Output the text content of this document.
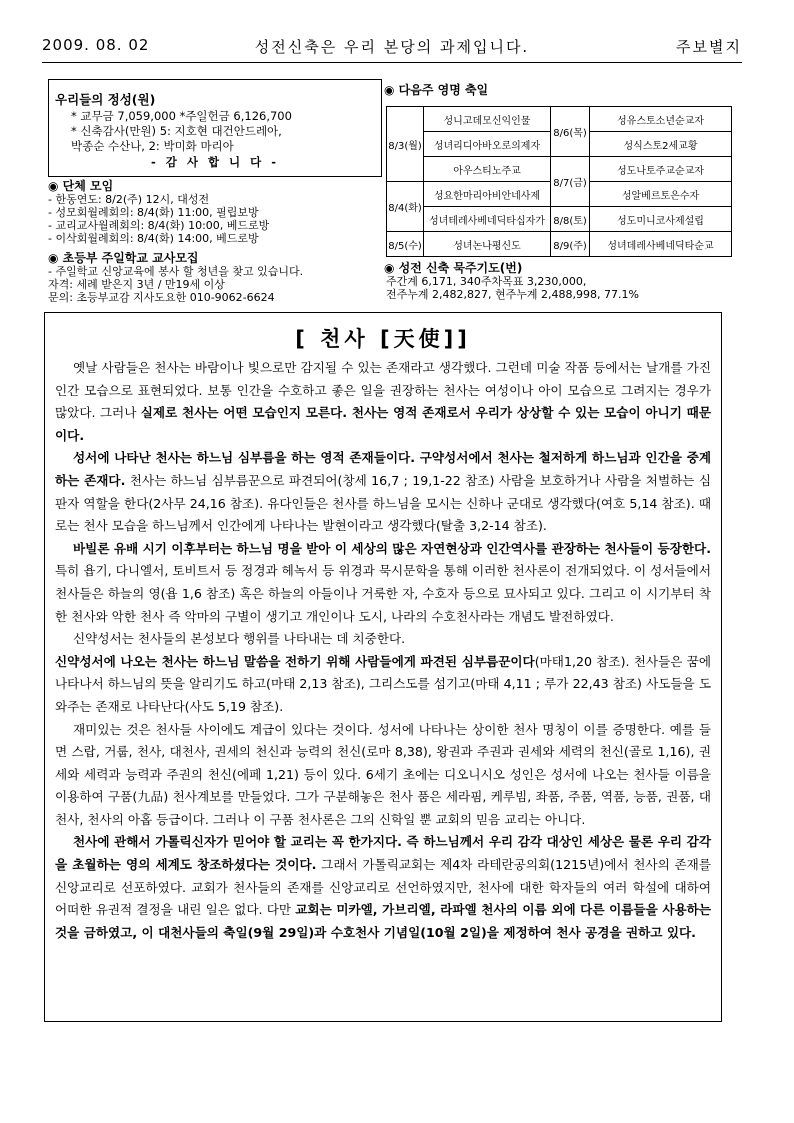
2009. 08. 02	성전신축은 우리 본당의 과제입니다.	주보별지
우리들의 정성(원)
* 교무금 7,059,000 *주일헌금 6,126,700
* 신축감사(만원) 5: 지호현 대건안드레아,
박종순 수산나, 2: 박미화 마리아
- 감 사 합 니 다 -
◉ 단체 모임
- 한동연도: 8/2(주) 12시, 대성전
- 성모회월례회의: 8/4(화) 11:00, 필립보방
- 교리교사월례회의: 8/4(화) 10:00, 베드로방
- 이삭회월례회의: 8/4(화) 14:00, 베드로방
◉ 초등부 주일학교 교사모집
- 주일학교 신앙교육에 봉사 할 청년을 찾고 있습니다.
자격: 세례 받은지 3년 / 만19세 이상
문의: 초등부교감 지사도요한 010-9062-6624
◉ 다음주 영명 축일
8/3(월)	성니고데모신익인물	8/6(목)	성유스토소년순교자
	성녀리디아바오로의제자		성식스토2세교황
	아우스티노주교	8/7(금)	성도나토주교순교자
8/4(화)	성요한마리아비안네사제		성알베르토은수자
	성녀테레사베네딕타십자가	8/8(토)	성도미니코사제설립
8/5(수)	성녀논나평신도	8/9(주)	성녀데레사베네딕타순교
◉ 성전 신축 묵주기도(번)
주간계 6,171, 340주차목표 3,230,000,
전주누계 2,482,827, 현주누계 2,488,998, 77.1%
[ 천사 [天使]]

옛날 사람들은 천사는 바람이나 빛으로만 감지될 수 있는 존재라고 생각했다. 그런데 미술 작품 등에서는 날개를 가진 인간 모습으로 표현되었다. 보통 인간을 수호하고 좋은 일을 권장하는 천사는 여성이나 아이 모습으로 그려지는 경우가 많았다. 그러나 실제로 천사는 어떤 모습인지 모른다. 천사는 영적 존재로서 우리가 상상할 수 있는 모습이 아니기 때문이다.

성서에 나타난 천사는 하느님 심부름을 하는 영적 존재들이다. 구약성서에서 천사는 철저하게 하느님과 인간을 중계하는 존재다. 천사는 하느님 심부름꾼으로 파견되어(창세 16,7 ; 19,1-22 참조) 사람을 보호하거나 사람을 처벌하는 심판자 역할을 한다(2사무 24,16 참조). 유다인들은 천사를 하느님을 모시는 신하나 군대로 생각했다(여호 5,14 참조). 때로는 천사 모습을 하느님께서 인간에게 나타나는 발현이라고 생각했다(탈출 3,2-14 참조).

바빌론 유배 시기 이후부터는 하느님 명을 받아 이 세상의 많은 자연현상과 인간역사를 관장하는 천사들이 등장한다. 특히 욥기, 다니엘서, 토비트서 등 정경과 헤녹서 등 위경과 묵시문학을 통해 이러한 천사론이 전개되었다. 이 성서들에서 천사들은 하늘의 영(욥 1,6 참조) 혹은 하늘의 아들이나 거룩한 자, 수호자 등으로 묘사되고 있다. 그리고 이 시기부터 착한 천사와 악한 천사 즉 악마의 구별이 생기고 개인이나 도시, 나라의 수호천사라는 개념도 발전하였다.

신약성서는 천사들의 본성보다 행위를 나타내는 데 치중한다.

신약성서에 나오는 천사는 하느님 말씀을 전하기 위해 사람들에게 파견된 심부름꾼이다(마태1,20 참조). 천사들은 꿈에 나타나서 하느님의 뜻을 알리기도 하고(마태 2,13 참조), 그리스도를 섬기고(마태 4,11 ; 루가 22,43 참조) 사도들을 도와주는 존재로 나타난다(사도 5,19 참조).

재미있는 것은 천사들 사이에도 계급이 있다는 것이다. 성서에 나타나는 상이한 천사 명칭이 이를 증명한다. 예를 들면 스랍, 거룹, 천사, 대천사, 권세의 천신과 능력의 천신(로마 8,38), 왕권과 주권과 권세와 세력의 천신(골로 1,16), 권세와 세력과 능력과 주권의 천신(에페 1,21) 등이 있다. 6세기 초에는 디오니시오 성인은 성서에 나오는 천사들 이름을 이용하여 구품(九品) 천사계보를 만들었다. 그가 구분해놓은 천사 품은 세라핌, 케루빔, 좌품, 주품, 역품, 능품, 권품, 대천사, 천사의 아홉 등급이다. 그러나 이 구품 천사론은 그의 신학일 뿐 교회의 믿음 교리는 아니다.

천사에 관해서 가톨릭신자가 믿어야 할 교리는 꼭 한가지다. 즉 하느님께서 우리 감각 대상인 세상은 물론 우리 감각을 초월하는 영의 세계도 창조하셨다는 것이다. 그래서 가톨릭교회는 제4차 라테란공의회(1215년)에서 천사의 존재를 신앙교리로 선포하였다. 교회가 천사들의 존재를 신앙교리로 선언하였지만, 천사에 대한 학자들의 여러 학설에 대하여 어떠한 유권적 결정을 내린 일은 없다. 다만 교회는 미카엘, 가브리엘, 라파엘 천사의 이름 외에 다른 이름들을 사용하는 것을 금하였고, 이 대천사들의 축일(9월 29일)과 수호천사 기념일(10월 2일)을 제정하여 천사 공경을 권하고 있다.
